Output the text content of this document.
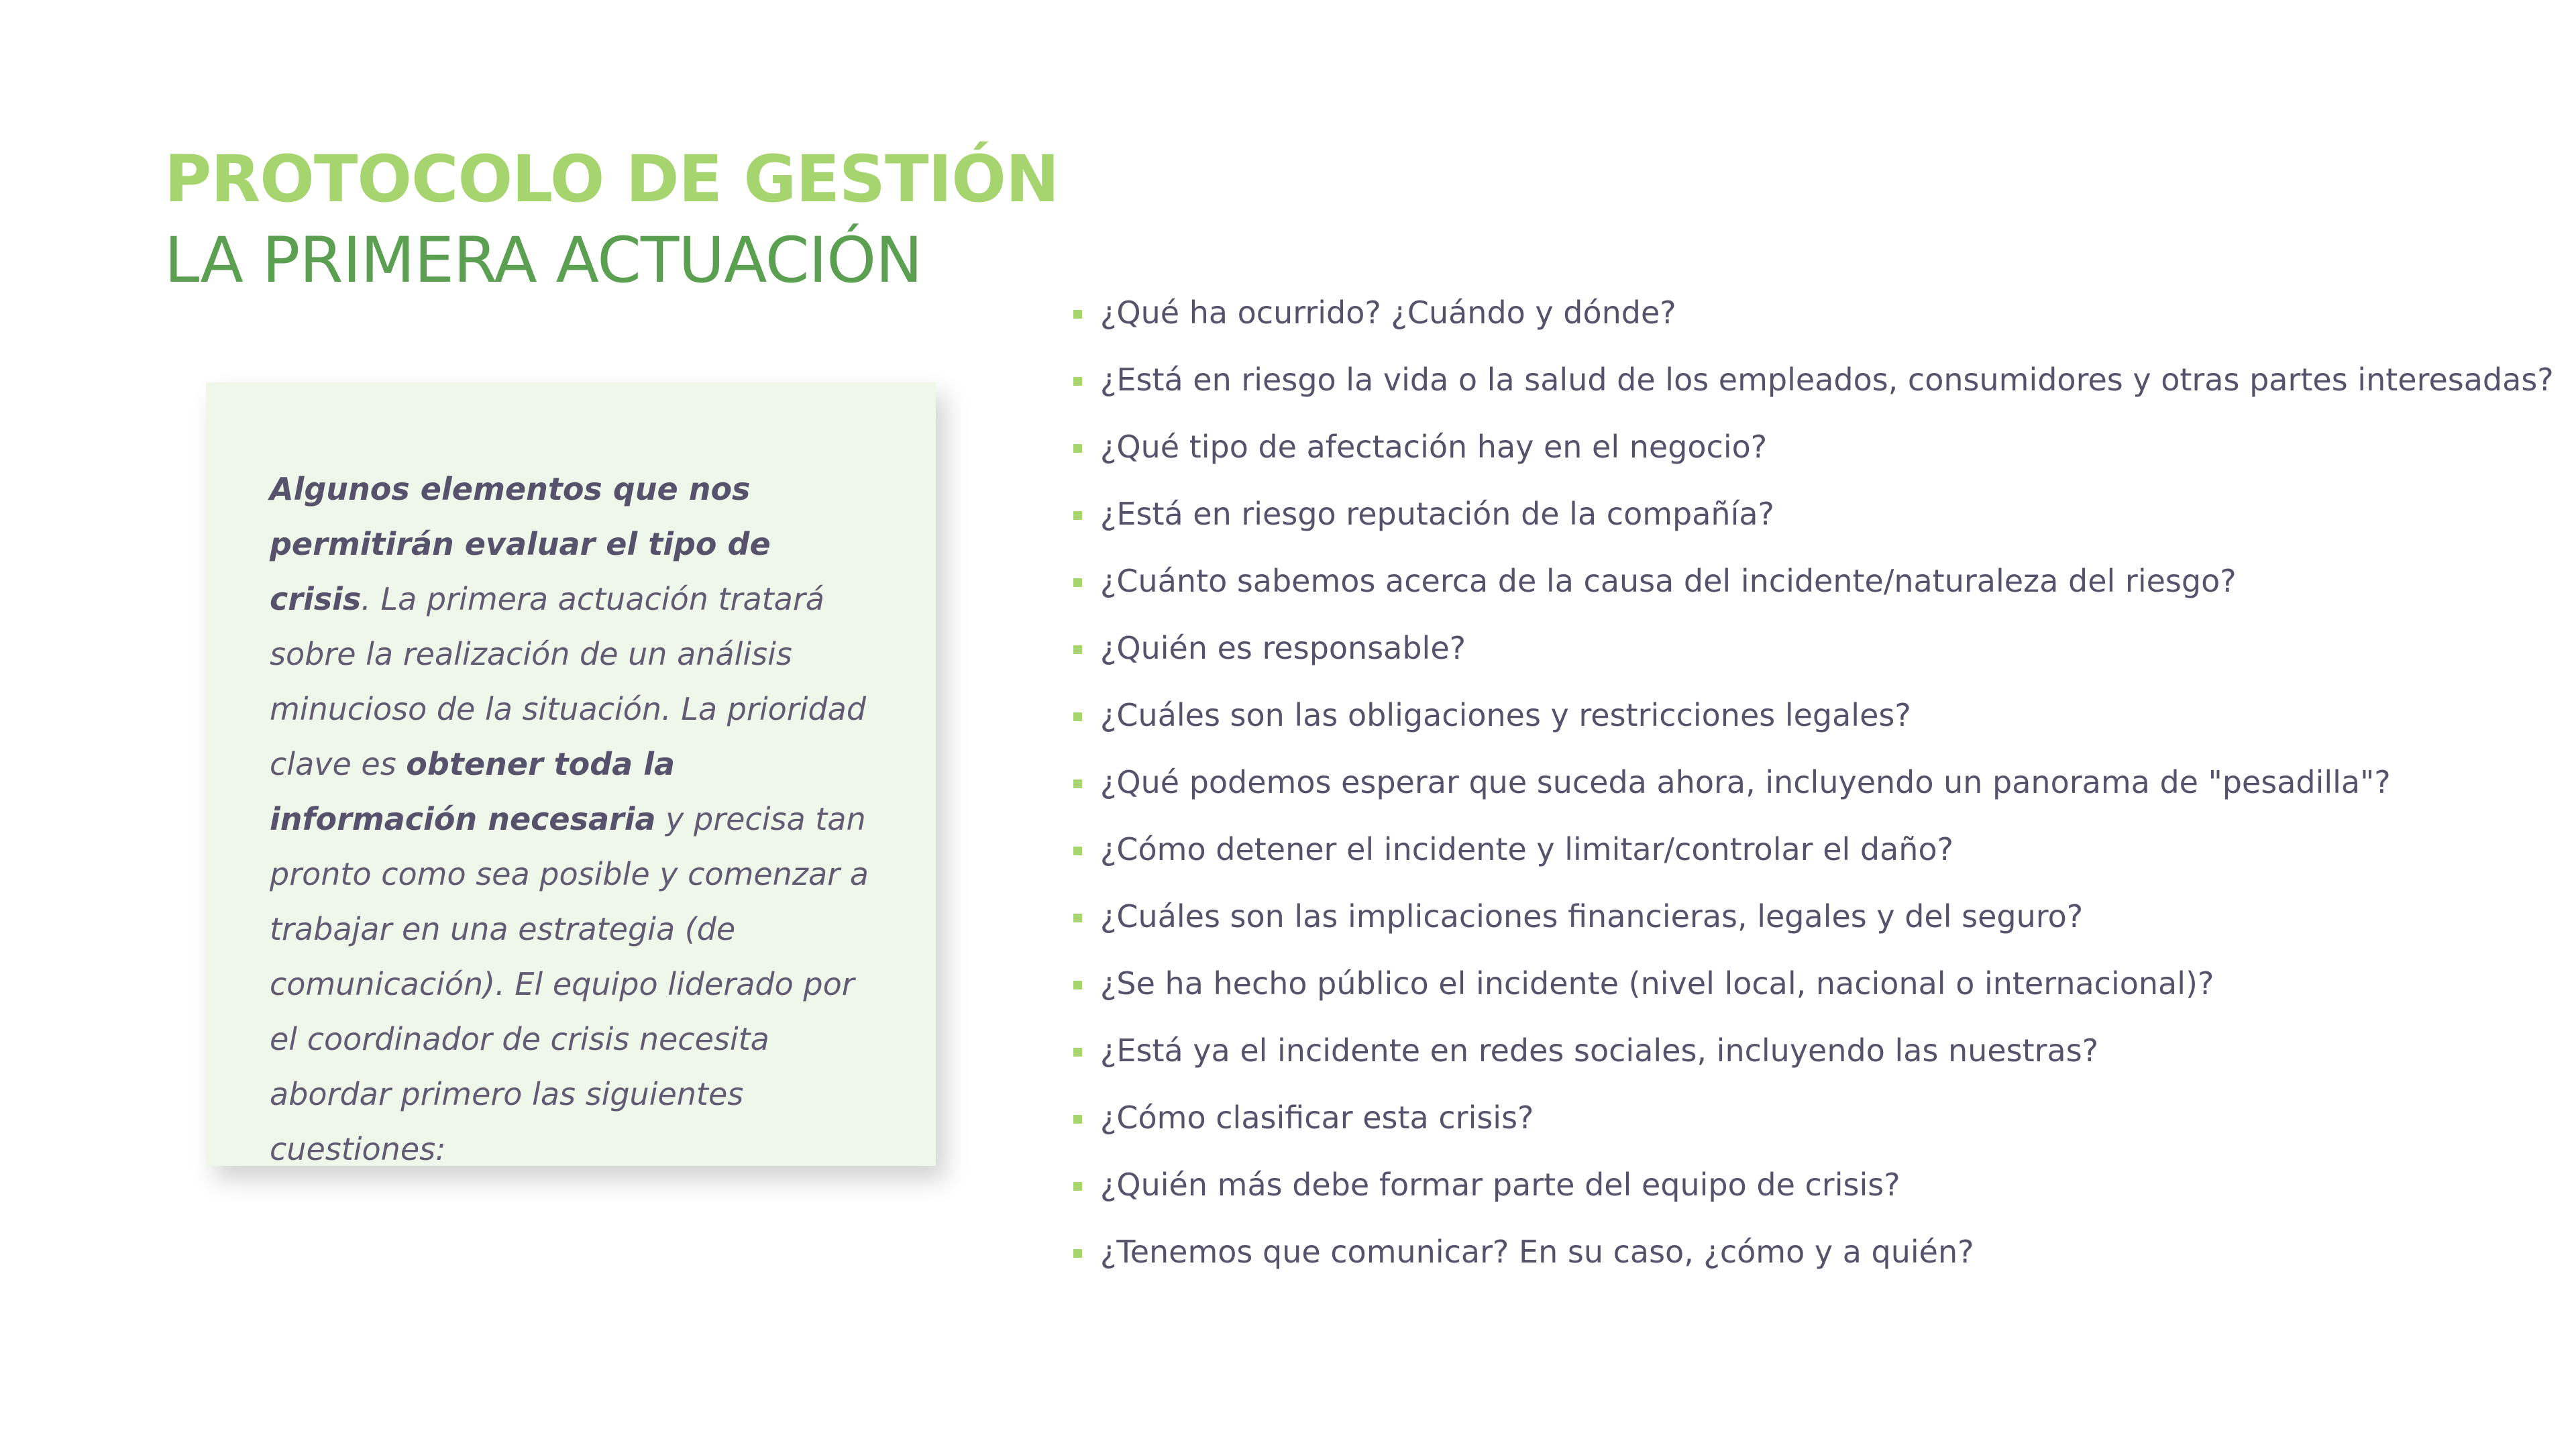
PROTOCOLO DE GESTIÓN
LA PRIMERA ACTUACIÓN
Algunos elementos que nos permitirán evaluar el tipo de crisis. La primera actuación tratará sobre la realización de un análisis minucioso de la situación. La prioridad clave es obtener toda la información necesaria y precisa tan pronto como sea posible y comenzar a trabajar en una estrategia (de comunicación). El equipo liderado por el coordinador de crisis necesita abordar primero las siguientes cuestiones:
¿Qué ha ocurrido? ¿Cuándo y dónde?
¿Está en riesgo la vida o la salud de los empleados, consumidores y otras partes interesadas?
¿Qué tipo de afectación hay en el negocio?
¿Está en riesgo reputación de la compañía?
¿Cuánto sabemos acerca de la causa del incidente/naturaleza del riesgo?
¿Quién es responsable?
¿Cuáles son las obligaciones y restricciones legales?
¿Qué podemos esperar que suceda ahora, incluyendo un panorama de "pesadilla"?
¿Cómo detener el incidente y limitar/controlar el daño?
¿Cuáles son las implicaciones financieras, legales y del seguro?
¿Se ha hecho público el incidente (nivel local, nacional o internacional)?
¿Está ya el incidente en redes sociales, incluyendo las nuestras?
¿Cómo clasificar esta crisis?
¿Quién más debe formar parte del equipo de crisis?
¿Tenemos que comunicar? En su caso, ¿cómo y a quién?
